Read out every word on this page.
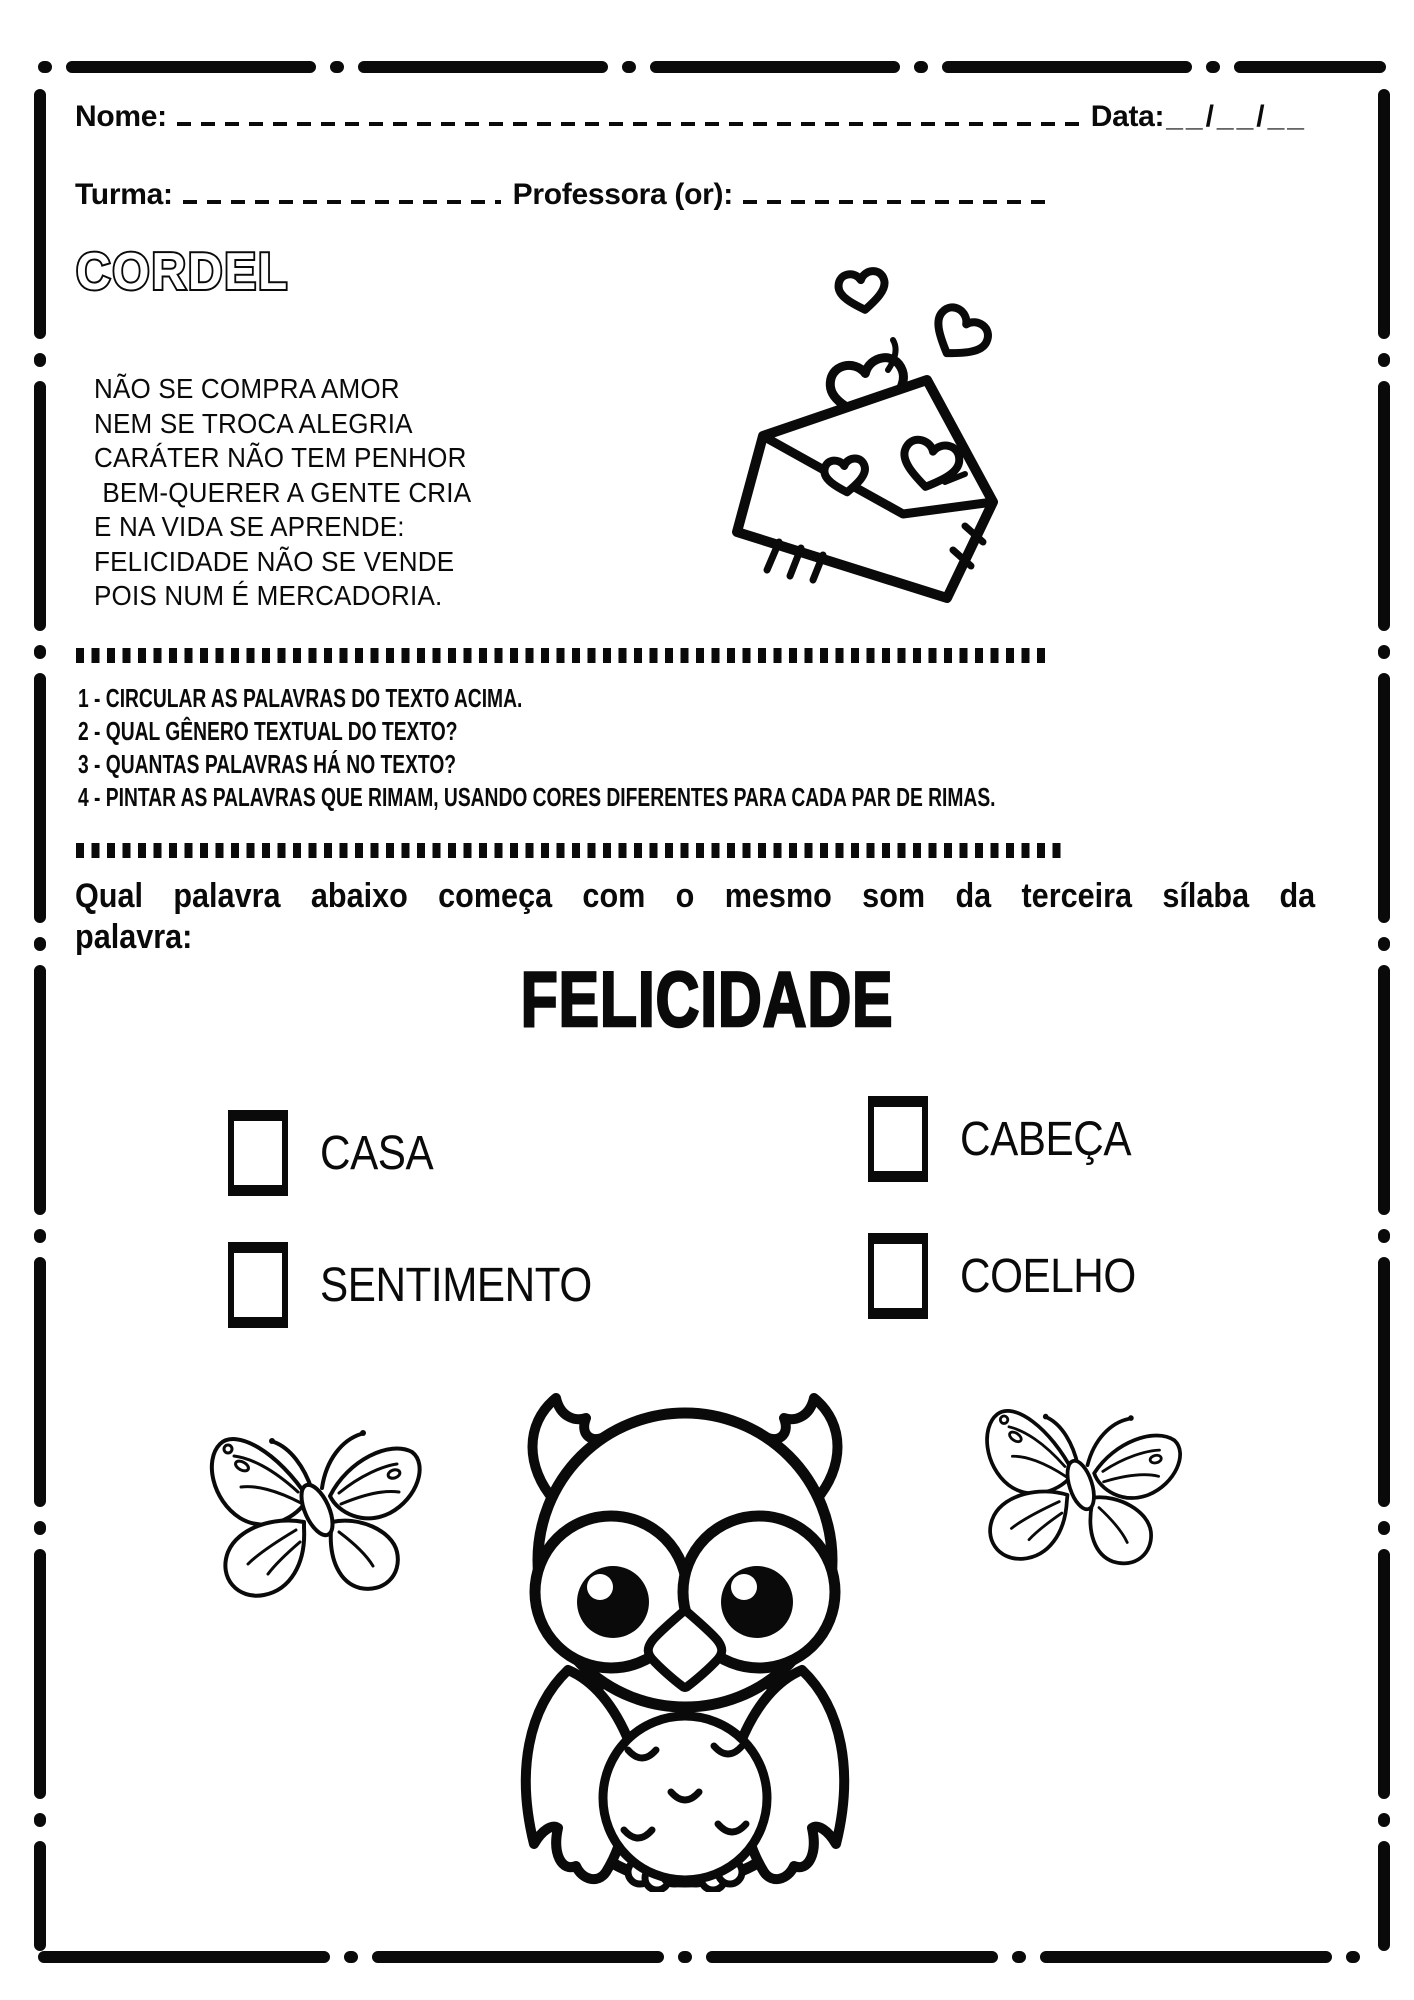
Nome:	Data: __/__/__
Turma:	Professora (or):
CORDEL
NÃO SE COMPRA AMOR
NEM SE TROCA ALEGRIA
CARÁTER NÃO TEM PENHOR
BEM-QUERER A GENTE CRIA
E NA VIDA SE APRENDE:
FELICIDADE NÃO SE VENDE
POIS NUM É MERCADORIA.
1 - CIRCULAR AS PALAVRAS DO TEXTO ACIMA.
2 - QUAL GÊNERO TEXTUAL DO TEXTO?
3 - QUANTAS PALAVRAS HÁ NO TEXTO?
4 - PINTAR AS PALAVRAS QUE RIMAM, USANDO CORES DIFERENTES PARA CADA PAR DE RIMAS.
Qual palavra abaixo começa com o mesmo som da terceira sílaba da
palavra:
FELICIDADE
CASA
SENTIMENTO
CABEÇA
COELHO
